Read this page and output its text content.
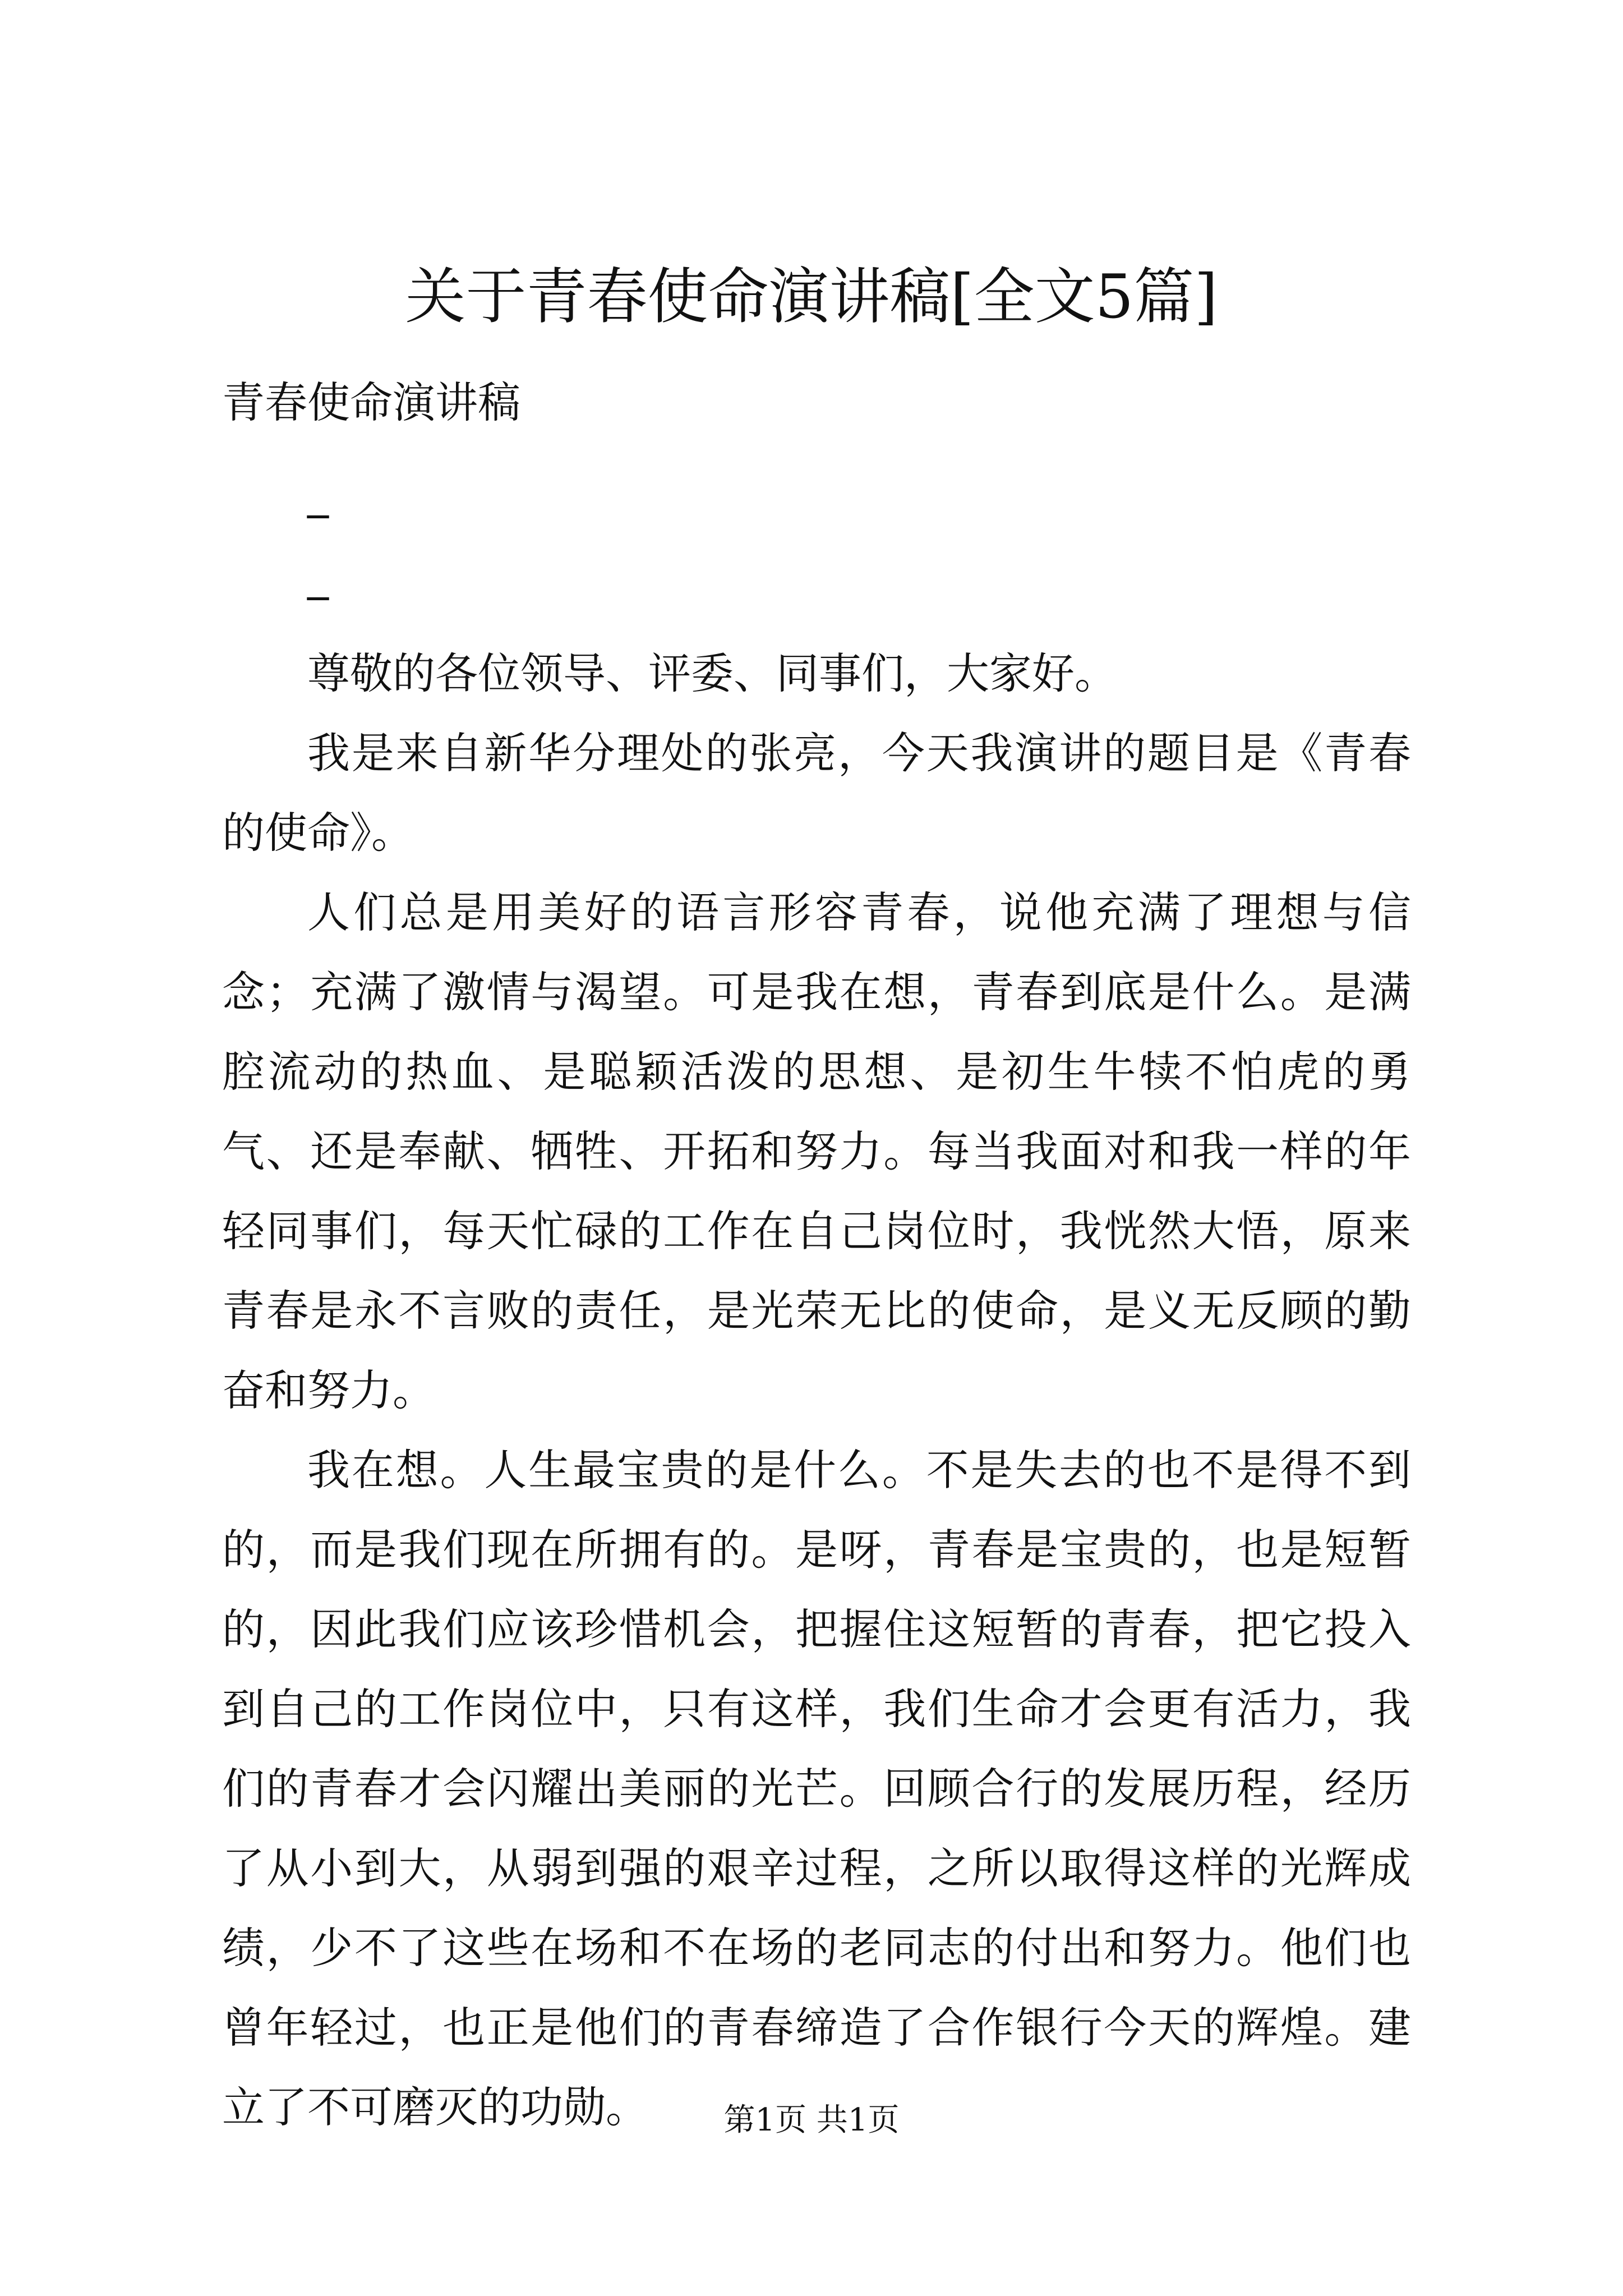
关于青春使命演讲稿[全文5篇]
青春使命演讲稿
_
_

尊敬的各位领导、评委、同事们，大家好。

我是来自新华分理处的张亮，今天我演讲的题目是《青春的使命》。

人们总是用美好的语言形容青春，说他充满了理想与信念；充满了激情与渴望。可是我在想，青春到底是什么。是满腔流动的热血、是聪颖活泼的思想、是初生牛犊不怕虎的勇气、还是奉献、牺牲、开拓和努力。每当我面对和我一样的年轻同事们，每天忙碌的工作在自己岗位时，我恍然大悟，原来青春是永不言败的责任，是光荣无比的使命，是义无反顾的勤奋和努力。

我在想。人生最宝贵的是什么。不是失去的也不是得不到的，而是我们现在所拥有的。是呀，青春是宝贵的，也是短暂的，因此我们应该珍惜机会，把握住这短暂的青春，把它投入到自己的工作岗位中，只有这样，我们生命才会更有活力，我们的青春才会闪耀出美丽的光芒。回顾合行的发展历程，经历了从小到大，从弱到强的艰辛过程，之所以取得这样的光辉成绩，少不了这些在场和不在场的老同志的付出和努力。他们也曾年轻过，也正是他们的青春缔造了合作银行今天的辉煌。建立了不可磨灭的功勋。	第1页 共1页
